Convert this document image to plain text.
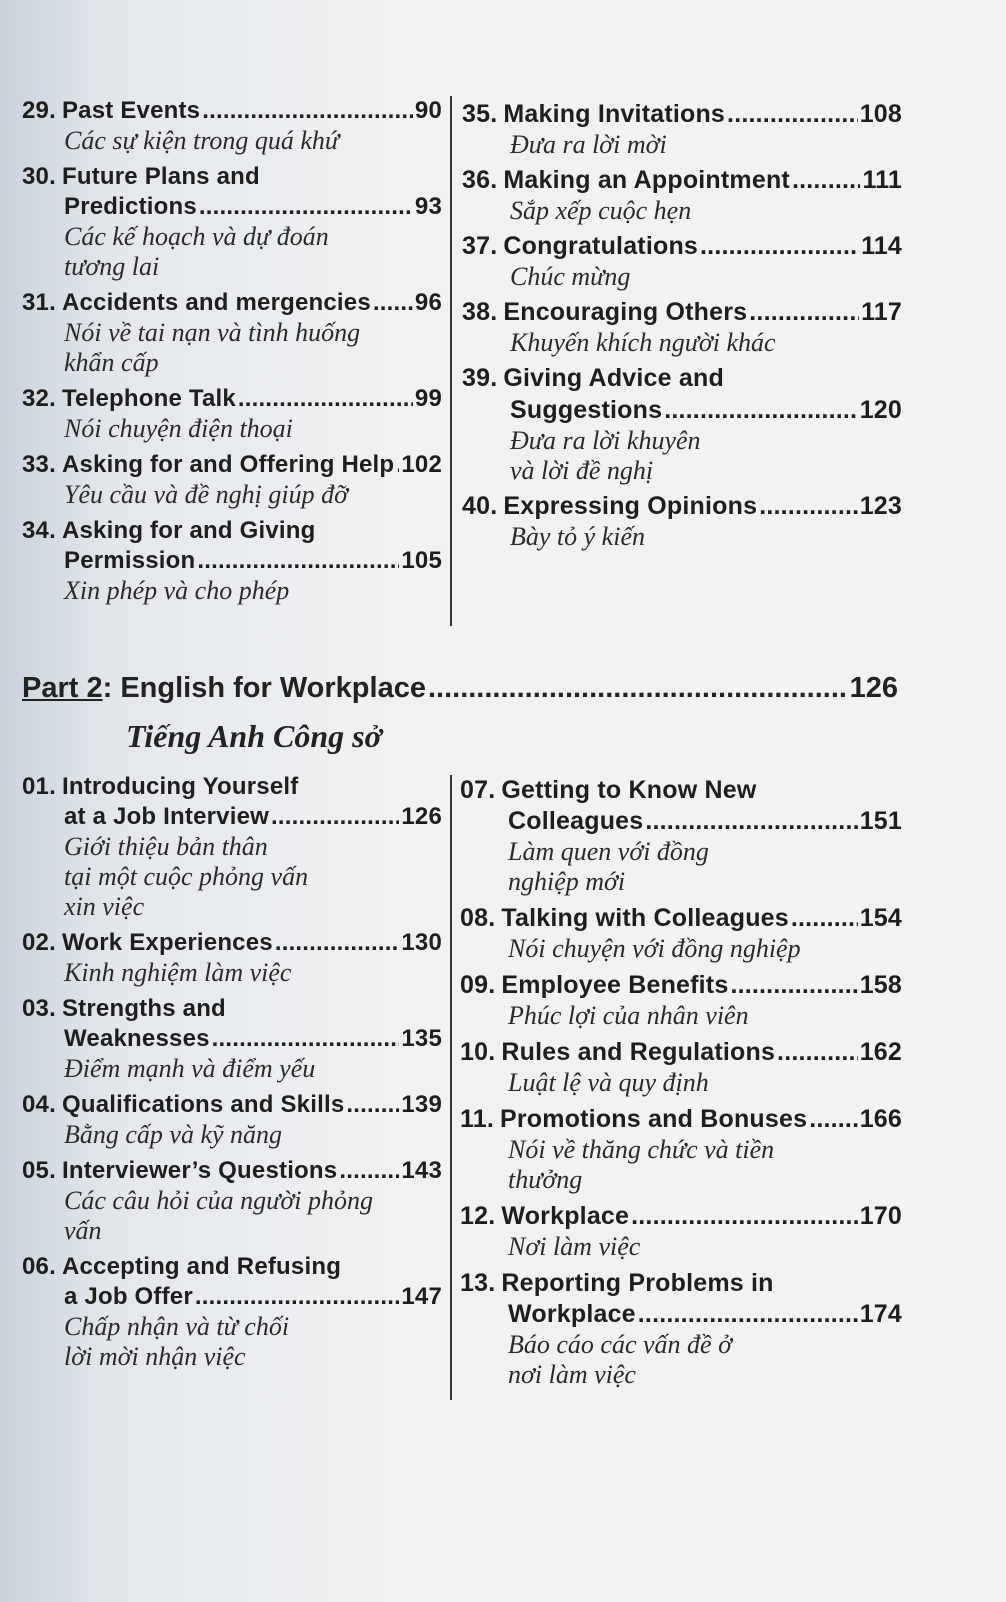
29. Past Events .....	90
Các sự kiện trong quá khứ
30. Future Plans and
Predictions .....	93
Các kế hoạch và dự đoán
tương lai
31. Accidents and mergencies ..... 96
Nói về tai nạn và tình huống
khẩn cấp
32. Telephone Talk .....	99
Nói chuyện điện thoại
33. Asking for and Offering Help ..... 102
Yêu cầu và đề nghị giúp đỡ
34. Asking for and Giving
Permission .....	105
Xin phép và cho phép
35. Making Invitations .....	108
Đưa ra lời mời
36. Making an Appointment .....	111
Sắp xếp cuộc hẹn
37. Congratulations .....	114
Chúc mừng
38. Encouraging Others .....	117
Khuyến khích người khác
39. Giving Advice and
Suggestions .....	120
Đưa ra lời khuyên
và lời đề nghị
40. Expressing Opinions .....	123
Bày tỏ ý kiến
Part 2 : English for Workplace .....	126
Tiếng Anh Công sở
01. Introducing Yourself
at a Job Interview .....	126
Giới thiệu bản thân
tại một cuộc phỏng vấn
xin việc
02. Work Experiences .....	130
Kinh nghiệm làm việc
03. Strengths and
Weaknesses .....	135
Điểm mạnh và điểm yếu
04. Qualifications and Skills ..... 139
Bằng cấp và kỹ năng
05. Interviewer’s Questions .....	143
Các câu hỏi của người phỏng
vấn
06. Accepting and Refusing
a Job Offer .....	147
Chấp nhận và từ chối
lời mời nhận việc
07. Getting to Know New
Colleagues .....	151
Làm quen với đồng
nghiệp mới
08. Talking with Colleagues .....	154
Nói chuyện với đồng nghiệp
09. Employee Benefits .....	158
Phúc lợi của nhân viên
10. Rules and Regulations .....	162
Luật lệ và quy định
11. Promotions and Bonuses ..... 166
Nói về thăng chức và tiền
thưởng
12. Workplace .....	170
Nơi làm việc
13. Reporting Problems in
Workplace .....	174
Báo cáo các vấn đề ở
nơi làm việc
